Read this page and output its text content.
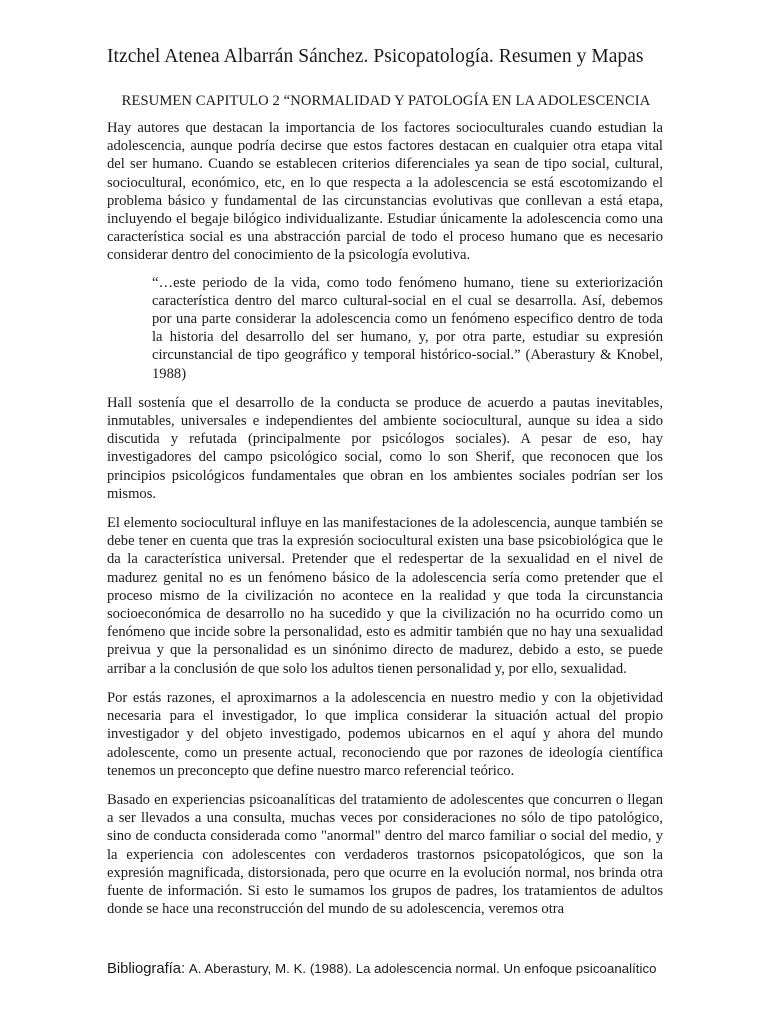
Itzchel Atenea Albarrán Sánchez. Psicopatología. Resumen y Mapas
RESUMEN CAPITULO 2 “NORMALIDAD Y PATOLOGÍA EN LA ADOLESCENCIA

Hay autores que destacan la importancia de los factores socioculturales cuando estudian la adolescencia, aunque podría decirse que estos factores destacan en cualquier otra etapa vital del ser humano. Cuando se establecen criterios diferenciales ya sean de tipo social, cultural, sociocultural, económico, etc, en lo que respecta a la adolescencia se está escotomizando el problema básico y fundamental de las circunstancias evolutivas que conllevan a está etapa, incluyendo el begaje bilógico individualizante. Estudiar únicamente la adolescencia como una característica social es una abstracción parcial de todo el proceso humano que es necesario considerar dentro del conocimiento de la psicología evolutiva.

“…este periodo de la vida, como todo fenómeno humano, tiene su exteriorización característica dentro del marco cultural-social en el cual se desarrolla. Así, debemos por una parte considerar la adolescencia como un fenómeno especifico dentro de toda la historia del desarrollo del ser humano, y, por otra parte, estudiar su expresión circunstancial de tipo geográfico y temporal histórico-social.” (Aberastury & Knobel, 1988)

Hall sostenía que el desarrollo de la conducta se produce de acuerdo a pautas inevitables, inmutables, universales e independientes del ambiente sociocultural, aunque su idea a sido discutida y refutada (principalmente por psicólogos sociales). A pesar de eso, hay investigadores del campo psicológico social, como lo son Sherif, que reconocen que los principios psicológicos fundamentales que obran en los ambientes sociales podrían ser los mismos.

El elemento sociocultural influye en las manifestaciones de la adolescencia, aunque también se debe tener en cuenta que tras la expresión sociocultural existen una base psicobiológica que le da la característica universal. Pretender que el redespertar de la sexualidad en el nivel de madurez genital no es un fenómeno básico de la adolescencia sería como pretender que el proceso mismo de la civilización no acontece en la realidad y que toda la circunstancia socioeconómica de desarrollo no ha sucedido y que la civilización no ha ocurrido como un fenómeno que incide sobre la personalidad, esto es admitir también que no hay una sexualidad preivua y que la personalidad es un sinónimo directo de madurez, debido a esto, se puede arribar a la conclusión de que solo los adultos tienen personalidad y, por ello, sexualidad.

Por estás razones, el aproximarnos a la adolescencia en nuestro medio y con la objetividad necesaria para el investigador, lo que implica considerar la situación actual del propio investigador y del objeto investigado, podemos ubicarnos en el aquí y ahora del mundo adolescente, como un presente actual, reconociendo que por razones de ideología científica tenemos un preconcepto que define nuestro marco referencial teórico.

Basado en experiencias psicoanalíticas del tratamiento de adolescentes que concurren o llegan a ser llevados a una consulta, muchas veces por consideraciones no sólo de tipo patológico, sino de conducta considerada como "anormal" dentro del marco familiar o social del medio, y la experiencia con adolescentes con verdaderos trastornos psicopatológicos, que son la expresión magnificada, distorsionada, pero que ocurre en la evolución normal, nos brinda otra fuente de información. Si esto le sumamos los grupos de padres, los tratamientos de adultos donde se hace una reconstrucción del mundo de su adolescencia, veremos otra

Bibliografía: A. Aberastury, M. K. (1988). La adolescencia normal. Un enfoque psicoanalítico
